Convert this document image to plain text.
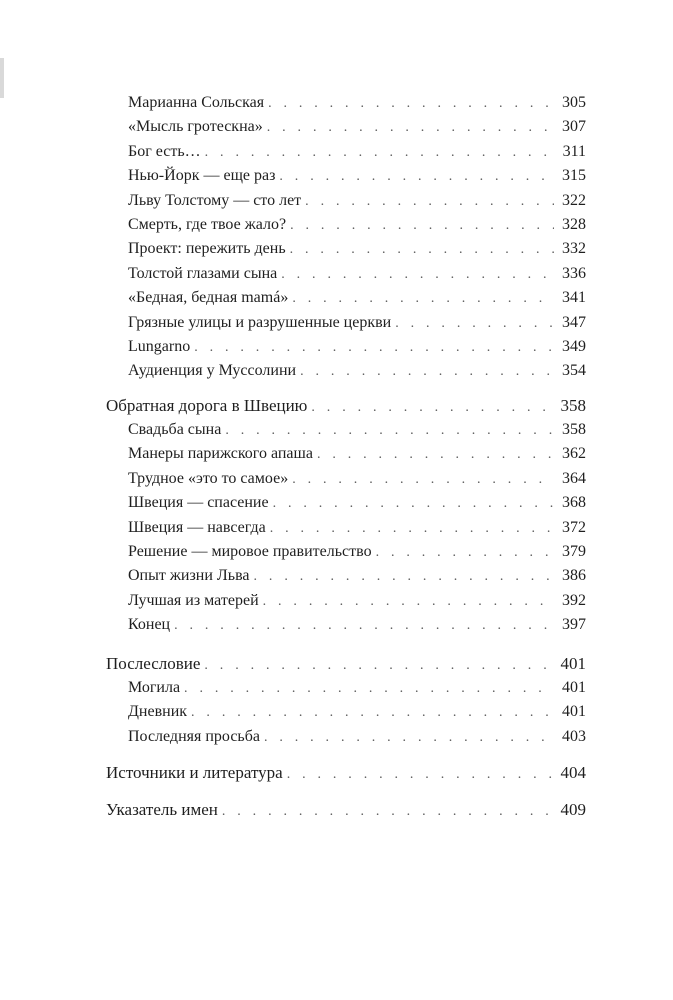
Марианна Сольская . . .	305
«Мысль гротескна» . . .	307
Бог есть… . . .	311
Нью-Йорк — еще раз . . .	315
Льву Толстому — сто лет . . .	322
Смерть, где твое жало? . . .	328
Проект: пережить день . . .	332
Толстой глазами сына . . .	336
«Бедная, бедная mamá» . . .	341
Грязные улицы и разрушенные церкви . . .	347
Lungarno . . .	349
Аудиенция у Муссолини . . .	354
Обратная дорога в Швецию . . .	358
Свадьба сына . . .	358
Манеры парижского апаша . . .	362
Трудное «это то самое» . . .	364
Швеция — спасение . . .	368
Швеция — навсегда . . .	372
Решение — мировое правительство . . .	379
Опыт жизни Льва . . .	386
Лучшая из матерей . . .	392
Конец . . .	397
Послесловие . . .	401
Могила . . .	401
Дневник . . .	401
Последняя просьба . . .	403
Источники и литература . . .	404
Указатель имен . . .	409
